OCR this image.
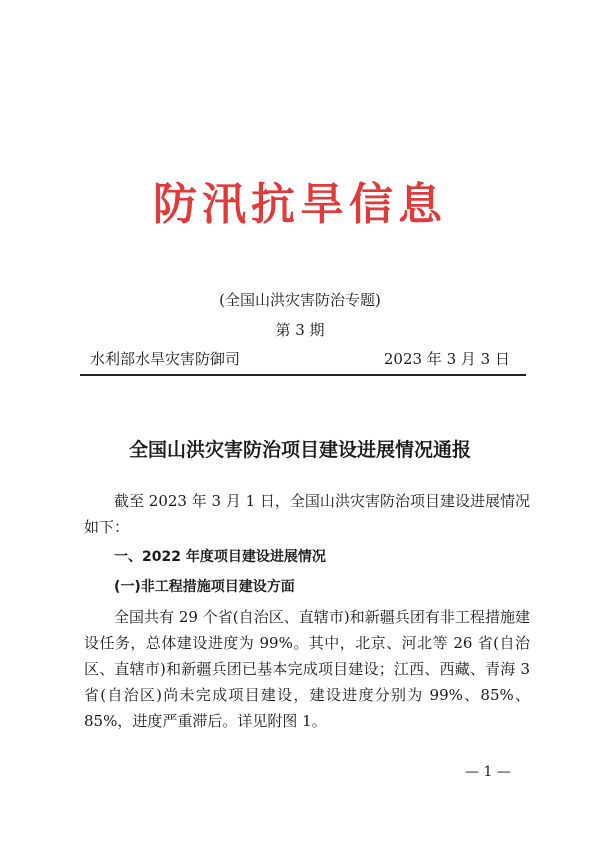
防汛抗旱信息
(全国山洪灾害防治专题)
第 3 期
水利部水旱灾害防御司	2023 年 3 月 3 日
全国山洪灾害防治项目建设进展情况通报
截至 2023 年 3 月 1 日，全国山洪灾害防治项目建设进展情况如下：
一、2022 年度项目建设进展情况
(一)非工程措施项目建设方面
全国共有 29 个省(自治区、直辖市)和新疆兵团有非工程措施建设任务，总体建设进度为 99%。其中，北京、河北等 26 省(自治区、直辖市)和新疆兵团已基本完成项目建设；江西、西藏、青海 3 省(自治区)尚未完成项目建设，建设进度分别为 99%、85%、85%，进度严重滞后。详见附图 1。
— 1 —
